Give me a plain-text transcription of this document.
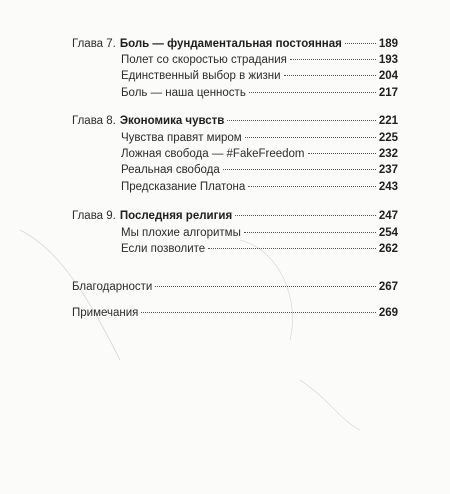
Глава 7. Боль — фундаментальная постоянная	189
Полет со скоростью страдания	193
Единственный выбор в жизни	204
Боль — наша ценность	217
Глава 8. Экономика чувств	221
Чувства правят миром	225
Ложная свобода — #FakeFreedom	232
Реальная свобода	237
Предсказание Платона	243
Глава 9. Последняя религия	247
Мы плохие алгоритмы	254
Если позволите	262
Благодарности	267
Примечания	269
